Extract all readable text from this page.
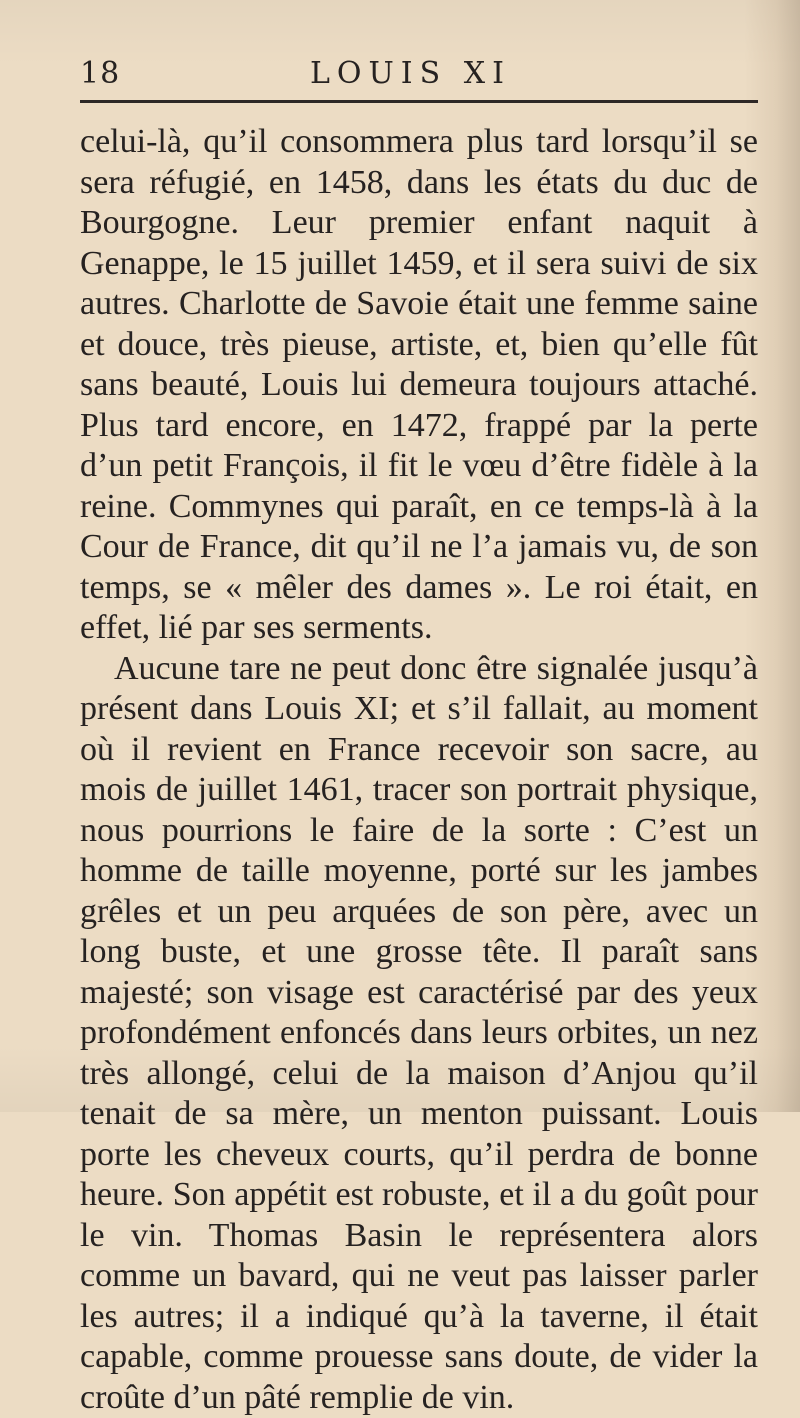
18	LOUIS XI

celui-là, qu’il consommera plus tard lorsqu’il se sera réfugié, en 1458, dans les états du duc de Bourgogne. Leur premier enfant naquit à Genappe, le 15 juillet 1459, et il sera suivi de six autres. Charlotte de Savoie était une femme saine et douce, très pieuse, artiste, et, bien qu’elle fût sans beauté, Louis lui demeura toujours attaché. Plus tard encore, en 1472, frappé par la perte d’un petit François, il fit le vœu d’être fidèle à la reine. Commynes qui paraît, en ce temps-là à la Cour de France, dit qu’il ne l’a jamais vu, de son temps, se « mêler des dames ». Le roi était, en effet, lié par ses serments.

Aucune tare ne peut donc être signalée jusqu’à présent dans Louis XI; et s’il fallait, au moment où il revient en France recevoir son sacre, au mois de juillet 1461, tracer son portrait physique, nous pourrions le faire de la sorte : C’est un homme de taille moyenne, porté sur les jambes grêles et un peu arquées de son père, avec un long buste, et une grosse tête. Il paraît sans majesté; son visage est caractérisé par des yeux profondément enfoncés dans leurs orbites, un nez très allongé, celui de la maison d’Anjou qu’il tenait de sa mère, un menton puissant. Louis porte les cheveux courts, qu’il perdra de bonne heure. Son appétit est robuste, et il a du goût pour le vin. Thomas Basin le représentera alors comme un bavard, qui ne veut pas laisser parler les autres; il a indiqué qu’à la taverne, il était capable, comme prouesse sans doute, de vider la croûte d’un pâté remplie de vin.
